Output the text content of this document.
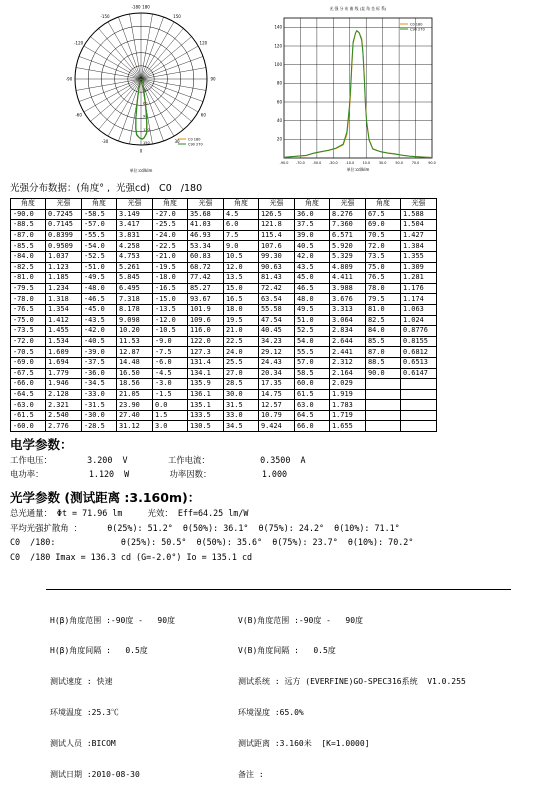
-180 180
-150	150
-120	120
-90	90
-60	60
-30	30
0
30
60
90
120
150
C0 180
C90 270
单位:cd/klm
光 强 分 布 曲 线 (直 角 坐 标 系)
20
40
60
80
100
120
140
-90.0 -70.0 -50.0 -30.0 -10.0 10.0	30.0	50.0	70.0	90.0
单位:cd/klm
C0 180
C90 270
光强分布数据：(角度° ,  光强cd)   C0   /180
角度	光强	角度	光强	角度	光强	角度	光强	角度	光强	角度	光强
-90.0	0.7245	-58.5	3.149	-27.0	35.68	4.5	126.5	36.0	8.276	67.5	1.588
-88.5	0.7145	-57.0	3.417	-25.5	41.03	6.0	121.8	37.5	7.360	69.0	1.504
-87.0	0.8399	-55.5	3.831	-24.0	46.93	7.5	115.4	39.0	6.571	70.5	1.427
-85.5	0.9509	-54.0	4.258	-22.5	53.34	9.0	107.6	40.5	5.920	72.0	1.384
-84.0	1.037	-52.5	4.753	-21.0	60.83	10.5	99.30	42.0	5.329	73.5	1.355
-82.5	1.123	-51.0	5.261	-19.5	68.72	12.0	90.63	43.5	4.809	75.0	1.309
-81.0	1.185	-49.5	5.845	-18.0	77.42	13.5	81.43	45.0	4.411	76.5	1.281
-79.5	1.234	-48.0	6.495	-16.5	85.27	15.0	72.42	46.5	3.988	78.0	1.176
-78.0	1.318	-46.5	7.318	-15.0	93.67	16.5	63.54	48.0	3.676	79.5	1.174
-76.5	1.354	-45.0	8.178	-13.5	101.9	18.0	55.58	49.5	3.313	81.0	1.063
-75.0	1.412	-43.5	9.098	-12.0	109.6	19.5	47.54	51.0	3.064	82.5	1.024
-73.5	1.455	-42.0	10.20	-10.5	116.0	21.0	40.45	52.5	2.834	84.0	0.8776
-72.0	1.534	-40.5	11.53	-9.0	122.0	22.5	34.23	54.0	2.644	85.5	0.8155
-70.5	1.609	-39.0	12.87	-7.5	127.3	24.0	29.12	55.5	2.441	87.0	0.6812
-69.0	1.694	-37.5	14.48	-6.0	131.4	25.5	24.43	57.0	2.312	88.5	0.6513
-67.5	1.779	-36.0	16.50	-4.5	134.1	27.0	20.34	58.5	2.164	90.0	0.6147
-66.0	1.946	-34.5	18.56	-3.0	135.9	28.5	17.35	60.0	2.029		
-64.5	2.128	-33.0	21.05	-1.5	136.1	30.0	14.75	61.5	1.919		
-63.0	2.321	-31.5	23.90	0.0	135.1	31.5	12.57	63.0	1.783		
-61.5	2.540	-30.0	27.40	1.5	133.5	33.0	10.79	64.5	1.719		
-60.0	2.776	-28.5	31.12	3.0	130.5	34.5	9.424	66.0	1.655		
电学参数：
工作电压：       3.200  V        工作电流：          0.3500  A
电功率：         1.120  W        功率因数：          1.000
光学参数 (测试距离 :3.160m)：
总光通量： Φt = 71.96 lm     光效： Eff=64.25 lm/W
平均光强扩散角 ：     θ(25%): 51.2°  θ(50%): 36.1°  θ(75%): 24.2°  θ(10%): 71.1°
C0  /180:             θ(25%): 50.5°  θ(50%): 35.6°  θ(75%): 23.7°  θ(10%): 70.2°
C0  /180 Imax = 136.3 cd (G=-2.0°) Io = 135.1 cd

H(β)角度范围 :-90度 -   90度

H(β)角度间隔 :   0.5度

测试速度 : 快速

环境温度 :25.3℃

测试人员 :BICOM

测试日期 :2010-08-30

V(B)角度范围 :-90度 -   90度

V(B)角度间隔 :   0.5度

测试系统 : 远方 (EVERFINE)GO-SPEC316系统  V1.0.255

环境湿度 :65.0%

测试距离 :3.160米  [K=1.0000]

备注 :
